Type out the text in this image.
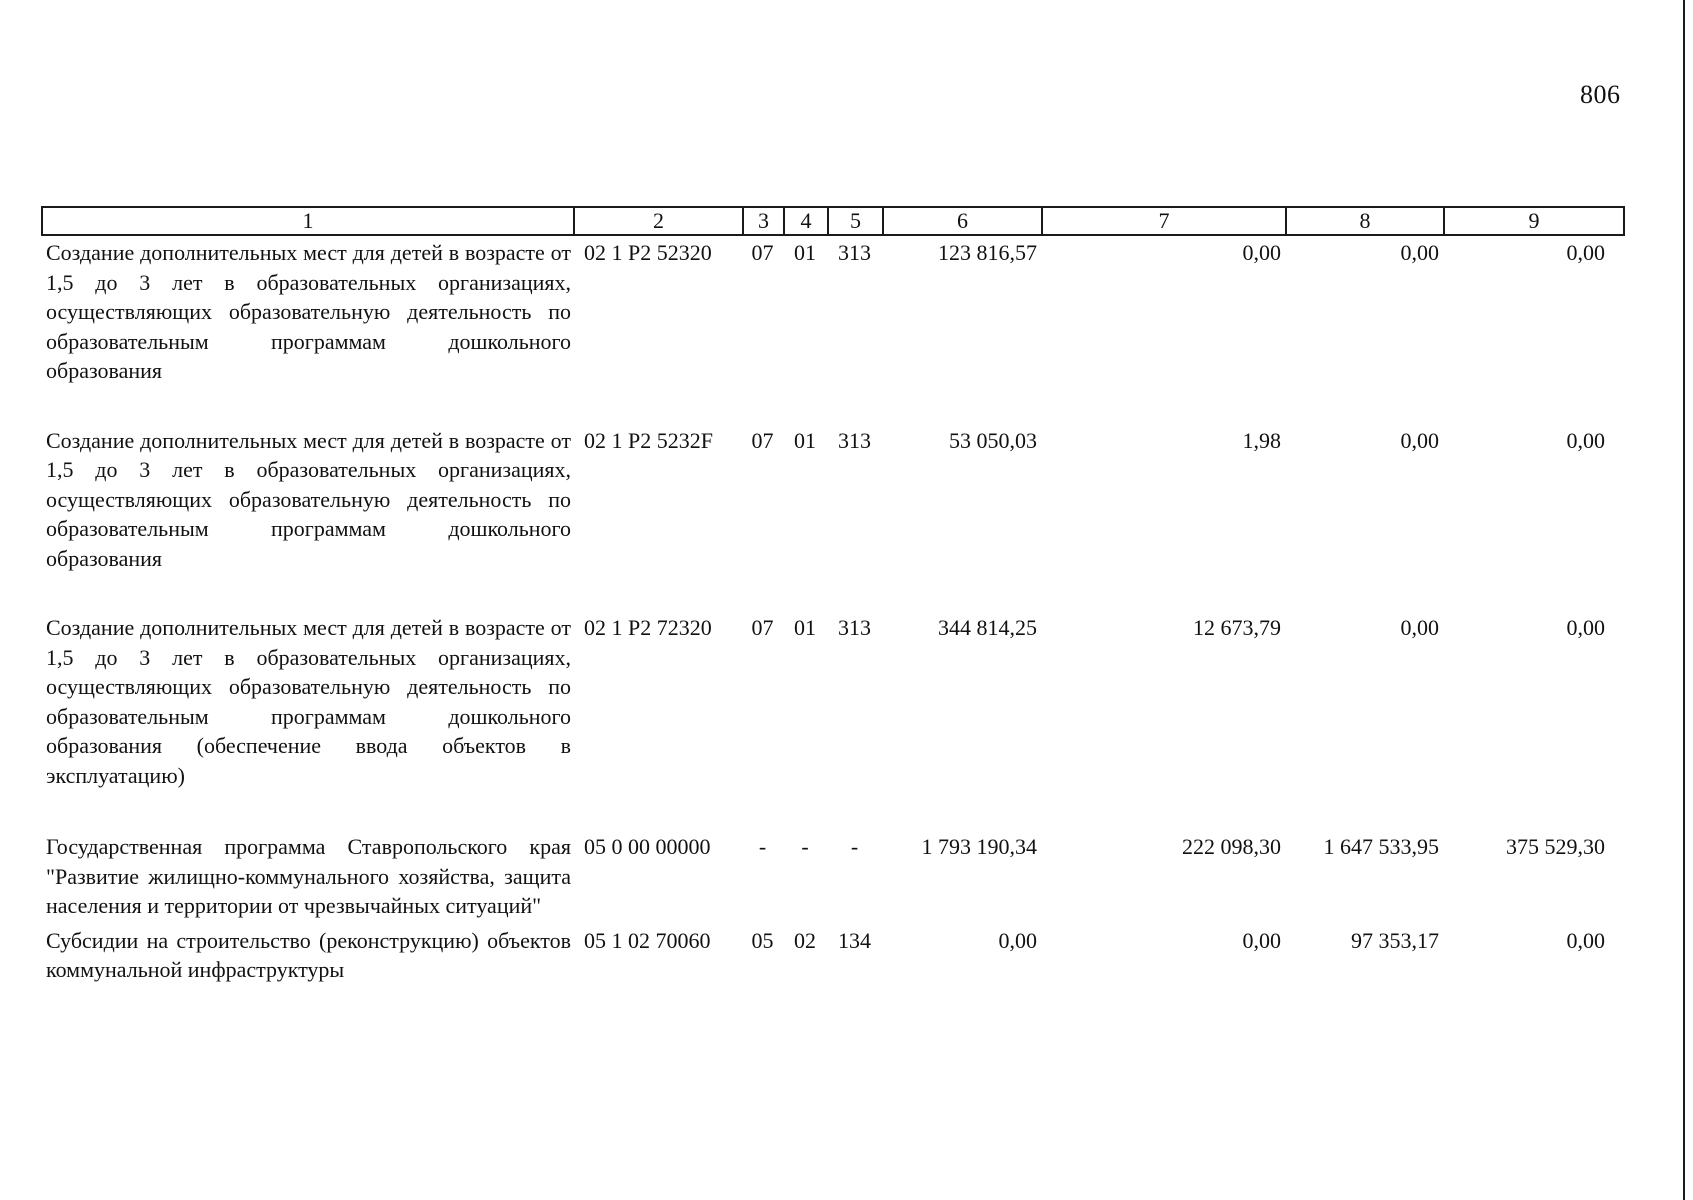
806
1	2	3	4	5	6	7	8	9
Создание дополнительных мест для детей в возрасте от 1,5 до 3 лет в образовательных организациях, осуществляющих образовательную деятельность по образовательным программам дошкольного образования	02 1 P2 52320	07	01	313	123 816,57	0,00	0,00	0,00

Создание дополнительных мест для детей в возрасте от 1,5 до 3 лет в образовательных организациях, осуществляющих образовательную деятельность по образовательным программам дошкольного образования	02 1 P2 5232F	07	01	313	53 050,03	1,98	0,00	0,00

Создание дополнительных мест для детей в возрасте от 1,5 до 3 лет в образовательных организациях, осуществляющих образовательную деятельность по образовательным программам дошкольного образования (обеспечение ввода объектов в эксплуатацию)	02 1 P2 72320	07	01	313	344 814,25	12 673,79	0,00	0,00

Государственная программа Ставропольского края "Развитие жилищно-коммунального хозяйства, защита населения и территории от чрезвычайных ситуаций"	05 0 00 00000	-	-	-	1 793 190,34	222 098,30	1 647 533,95	375 529,30

Субсидии на строительство (реконструкцию) объектов коммунальной инфраструктуры	05 1 02 70060	05	02	134	0,00	0,00	97 353,17	0,00
